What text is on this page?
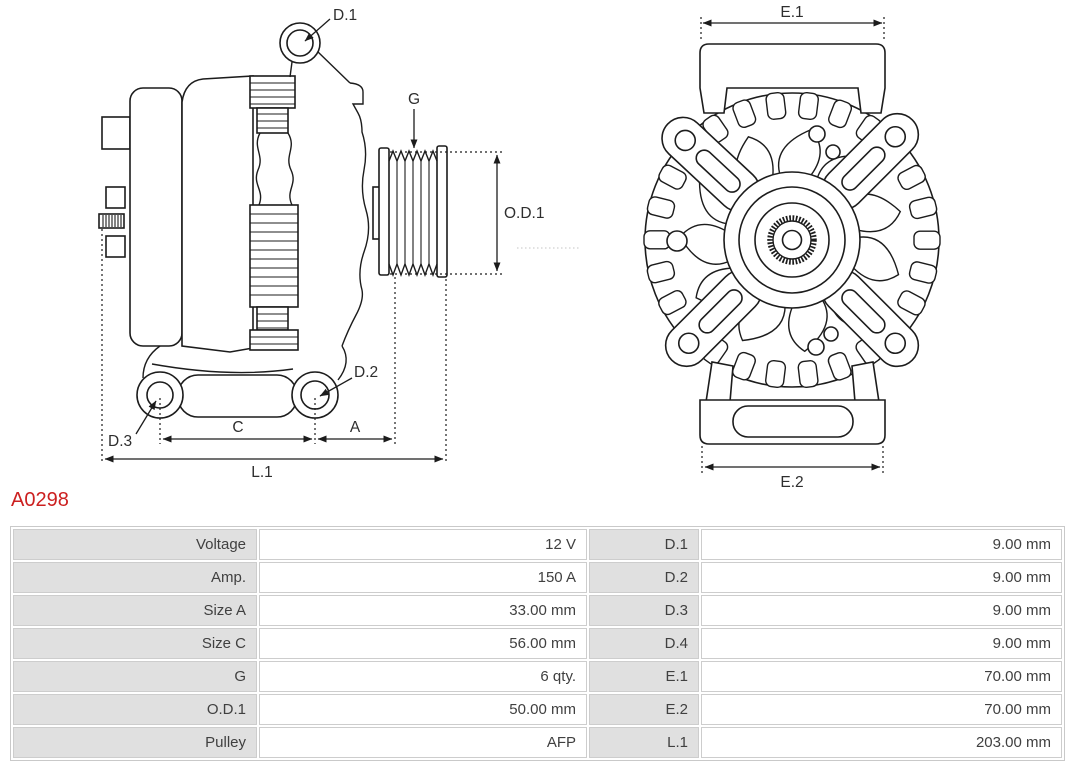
G
D.1
O.D.1
D.2
D.3
C	A
L.1
E.1
E.2
A0298
Voltage	12 V	D.1	9.00 mm
Amp.	150 A	D.2	9.00 mm
Size A	33.00 mm	D.3	9.00 mm
Size C	56.00 mm	D.4	9.00 mm
G	6 qty.	E.1	70.00 mm
O.D.1	50.00 mm	E.2	70.00 mm
Pulley	AFP	L.1	203.00 mm
